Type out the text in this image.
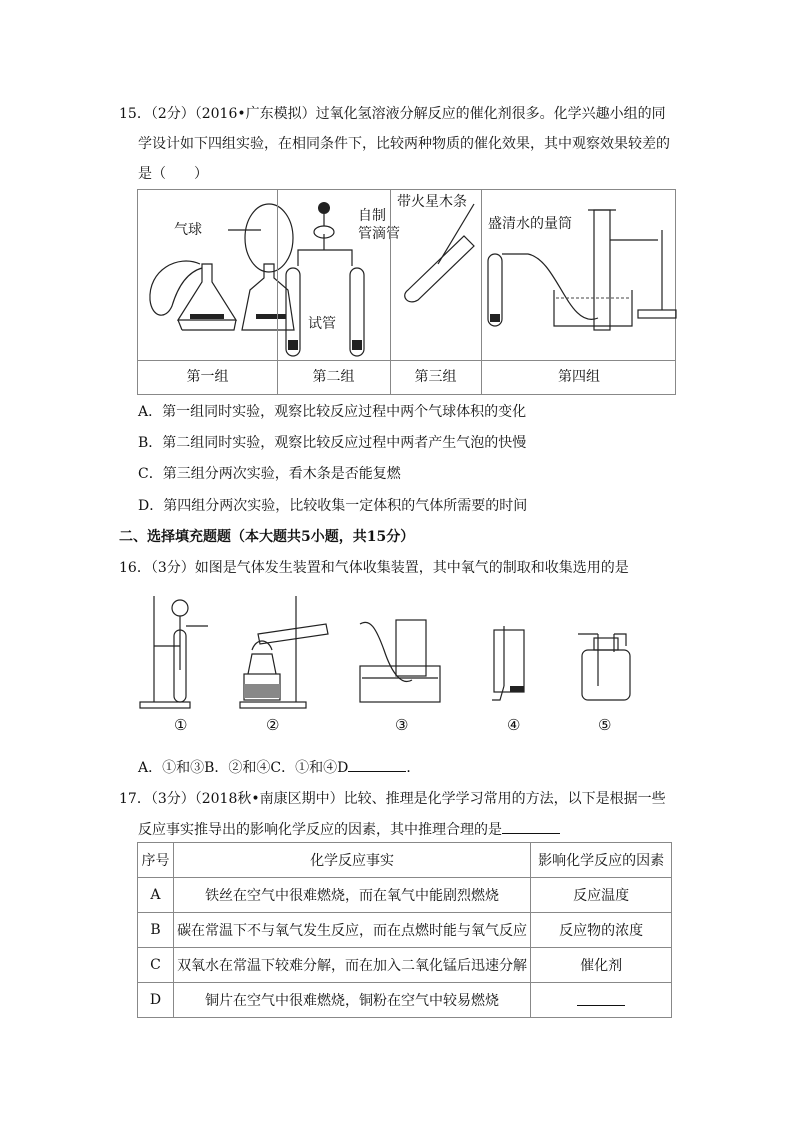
15．（2分）（2016•广东模拟）过氧化氢溶液分解反应的催化剂很多。化学兴趣小组的同
学设计如下四组实验，在相同条件下，比较两种物质的催化效果，其中观察效果较差的
是（　　）
气球
自制
管滴管
试管
带火星木条
盛清水的量筒
第一组	第二组	第三组	第四组
A．第一组同时实验，观察比较反应过程中两个气球体积的变化
B．第二组同时实验，观察比较反应过程中两者产生气泡的快慢
C．第三组分两次实验，看木条是否能复燃
D．第四组分两次实验，比较收集一定体积的气体所需要的时间
二、选择填充题题（本大题共5小题，共15分）
16．（3分）如图是气体发生装置和气体收集装置，其中氧气的制取和收集选用的是
①	②	③	④	⑤
A．①和③B．②和④C．①和④D	．
17．（3分）（2018秋•南康区期中）比较、推理是化学学习常用的方法，以下是根据一些
反应事实推导出的影响化学反应的因素，其中推理合理的是
序号	化学反应事实	影响化学反应的因素
A	铁丝在空气中很难燃烧，而在氧气中能剧烈燃烧	反应温度
B	碳在常温下不与氧气发生反应，而在点燃时能与氧气反应	反应物的浓度
C	双氧水在常温下较难分解，而在加入二氧化锰后迅速分解	催化剂
D	铜片在空气中很难燃烧，铜粉在空气中较易燃烧	
